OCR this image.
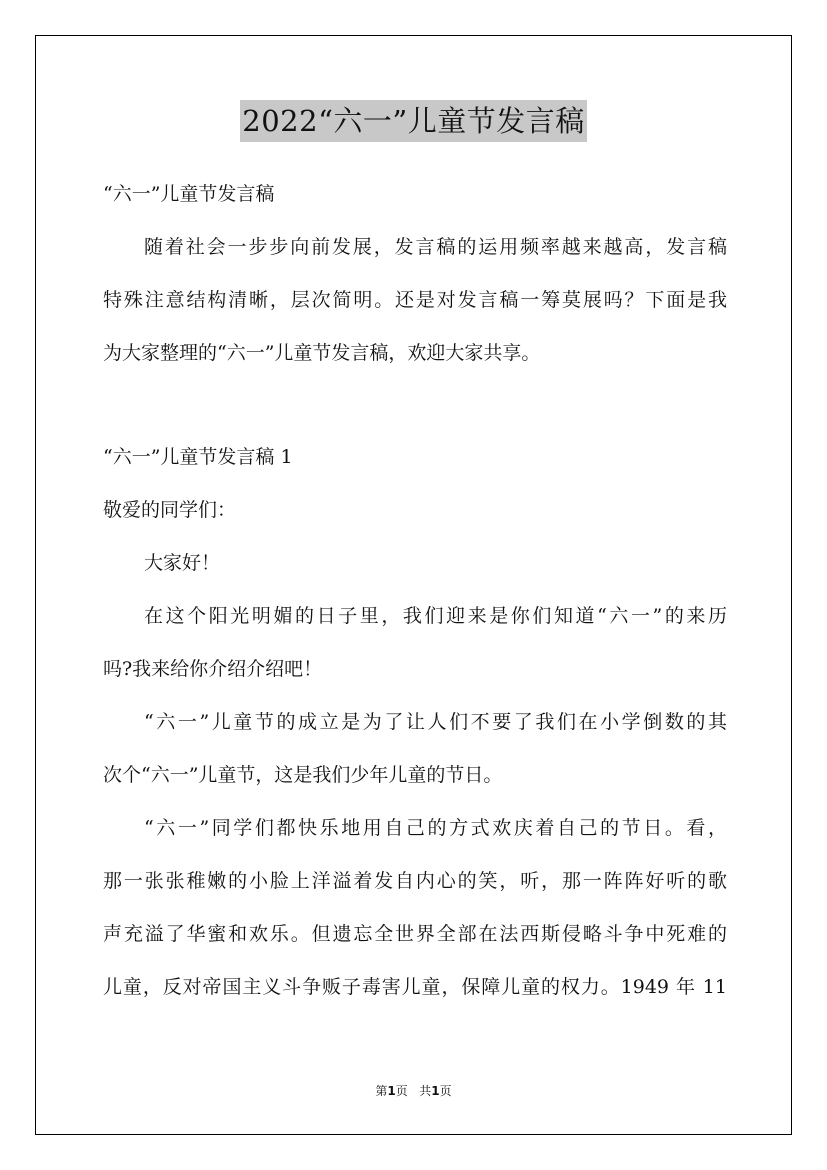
2022“六一”儿童节发言稿
“六一”儿童节发言稿
随着社会一步步向前发展，发言稿的运用频率越来越高，发言稿
特殊注意结构清晰，层次简明。还是对发言稿一筹莫展吗？下面是我
为大家整理的“六一”儿童节发言稿，欢迎大家共享。
“六一”儿童节发言稿 1
敬爱的同学们：
大家好！
在这个阳光明媚的日子里，我们迎来是你们知道“六一”的来历
吗?我来给你介绍介绍吧！
“六一”儿童节的成立是为了让人们不要了我们在小学倒数的其
次个“六一”儿童节，这是我们少年儿童的节日。
“六一”同学们都快乐地用自己的方式欢庆着自己的节日。看，
那一张张稚嫩的小脸上洋溢着发自内心的笑，听，那一阵阵好听的歌
声充溢了华蜜和欢乐。但遗忘全世界全部在法西斯侵略斗争中死难的
儿童，反对帝国主义斗争贩子毒害儿童，保障儿童的权力。1949 年 11
第1页 共1页
